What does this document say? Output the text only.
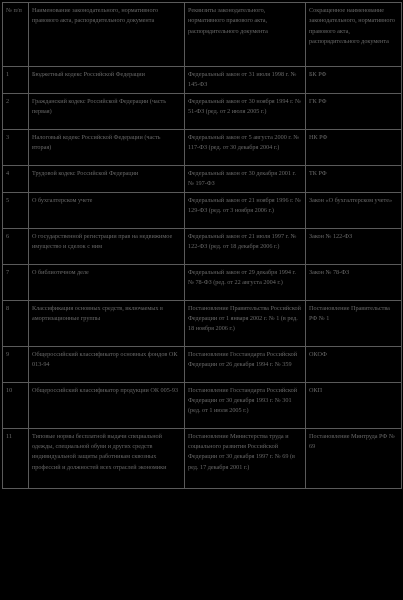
№ п/п	Наименование законодательного, нормативного правового акта, распорядительного документа	Реквизиты законодательного, нормативного правового акта, распорядительного документа	Сокращенное наименование законодательного, нормативного правового акта, распорядительного документа
1	Бюджетный кодекс Российской Федерации	Федеральный закон от 31 июля 1998 г. № 145-ФЗ	БК РФ
2	Гражданский кодекс Российской Федерации (часть первая)	Федеральный закон от 30 ноября 1994 г. № 51-ФЗ (ред. от 2 июля 2005 г.)	ГК РФ
3	Налоговый кодекс Российской Федерации (часть вторая)	Федеральный закон от 5 августа 2000 г. № 117-ФЗ (ред. от 30 декабря 2004 г.)	НК РФ
4	Трудовой кодекс Российской Федерации	Федеральный закон от 30 декабря 2001 г. № 197-ФЗ	ТК РФ
5	О бухгалтерском учете	Федеральный закон от 21 ноября 1996 г. № 129-ФЗ (ред. от 3 ноября 2006 г.)	Закон «О бухгалтерском учете»
6	О государственной регистрации прав на недвижимое имущество и сделок с ним	Федеральный закон от 21 июля 1997 г. № 122-ФЗ (ред. от 18 декабря 2006 г.)	Закон № 122-ФЗ
7	О библиотечном деле	Федеральный закон от 29 декабря 1994 г. № 78-ФЗ (ред. от 22 августа 2004 г.)	Закон № 78-ФЗ
8	Классификация основных средств, включаемых в амортизационные группы	Постановление Правительства Российской Федерации от 1 января 2002 г. № 1 (в ред. 18 ноября 2006 г.)	Постановление Правительства РФ № 1
9	Общероссийский классификатор основных фондов ОК 013-94	Постановление Госстандарта Российской Федерации от 26 декабря 1994 г. № 359	ОКОФ
10	Общероссийский классификатор продукции ОК 005-93	Постановление Госстандарта Российской Федерации от 30 декабря 1993 г. № 301 (ред. от 1 июля 2005 г.)	ОКП
11	Типовые нормы бесплатной выдачи специальной одежды, специальной обуви и других средств индивидуальной защиты работникам сквозных профессий и должностей всех отраслей экономики	Постановление Министерства труда и социального развития Российской Федерации от 30 декабря 1997 г. № 69 (в ред. 17 декабря 2001 г.)	Постановление Минтруда РФ № 69
